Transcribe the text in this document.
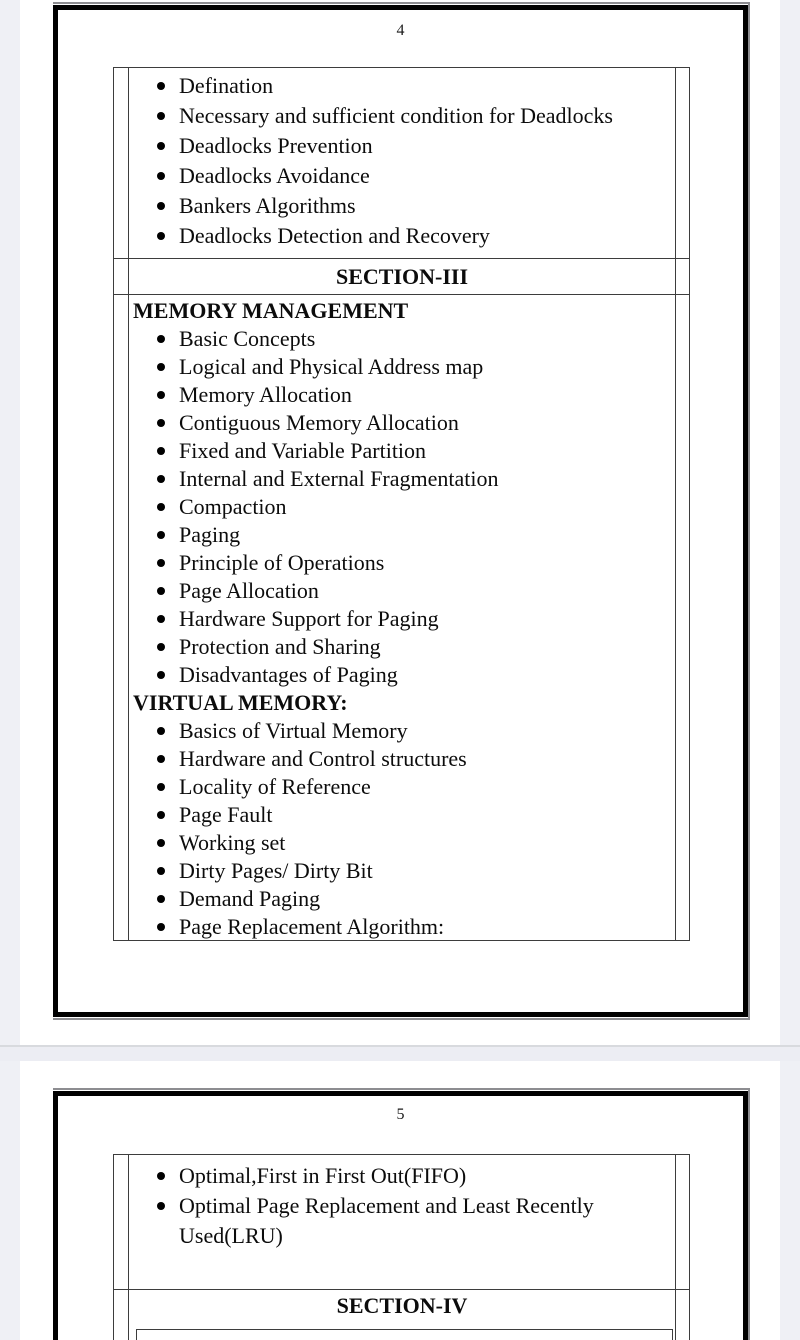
4
Defination
Necessary and sufficient condition for Deadlocks
Deadlocks Prevention
Deadlocks Avoidance
Bankers Algorithms
Deadlocks Detection and Recovery
SECTION-III
MEMORY MANAGEMENT
Basic Concepts
Logical and Physical Address map
Memory Allocation
Contiguous Memory Allocation
Fixed and Variable Partition
Internal and External Fragmentation
Compaction
Paging
Principle of Operations
Page Allocation
Hardware Support for Paging
Protection and Sharing
Disadvantages of Paging
VIRTUAL MEMORY:
Basics of Virtual Memory
Hardware and Control structures
Locality of Reference
Page Fault
Working set
Dirty Pages/ Dirty Bit
Demand Paging
Page Replacement Algorithm:
5
Optimal,First in First Out(FIFO)
Optimal Page Replacement and Least Recently Used(LRU)
SECTION-IV
